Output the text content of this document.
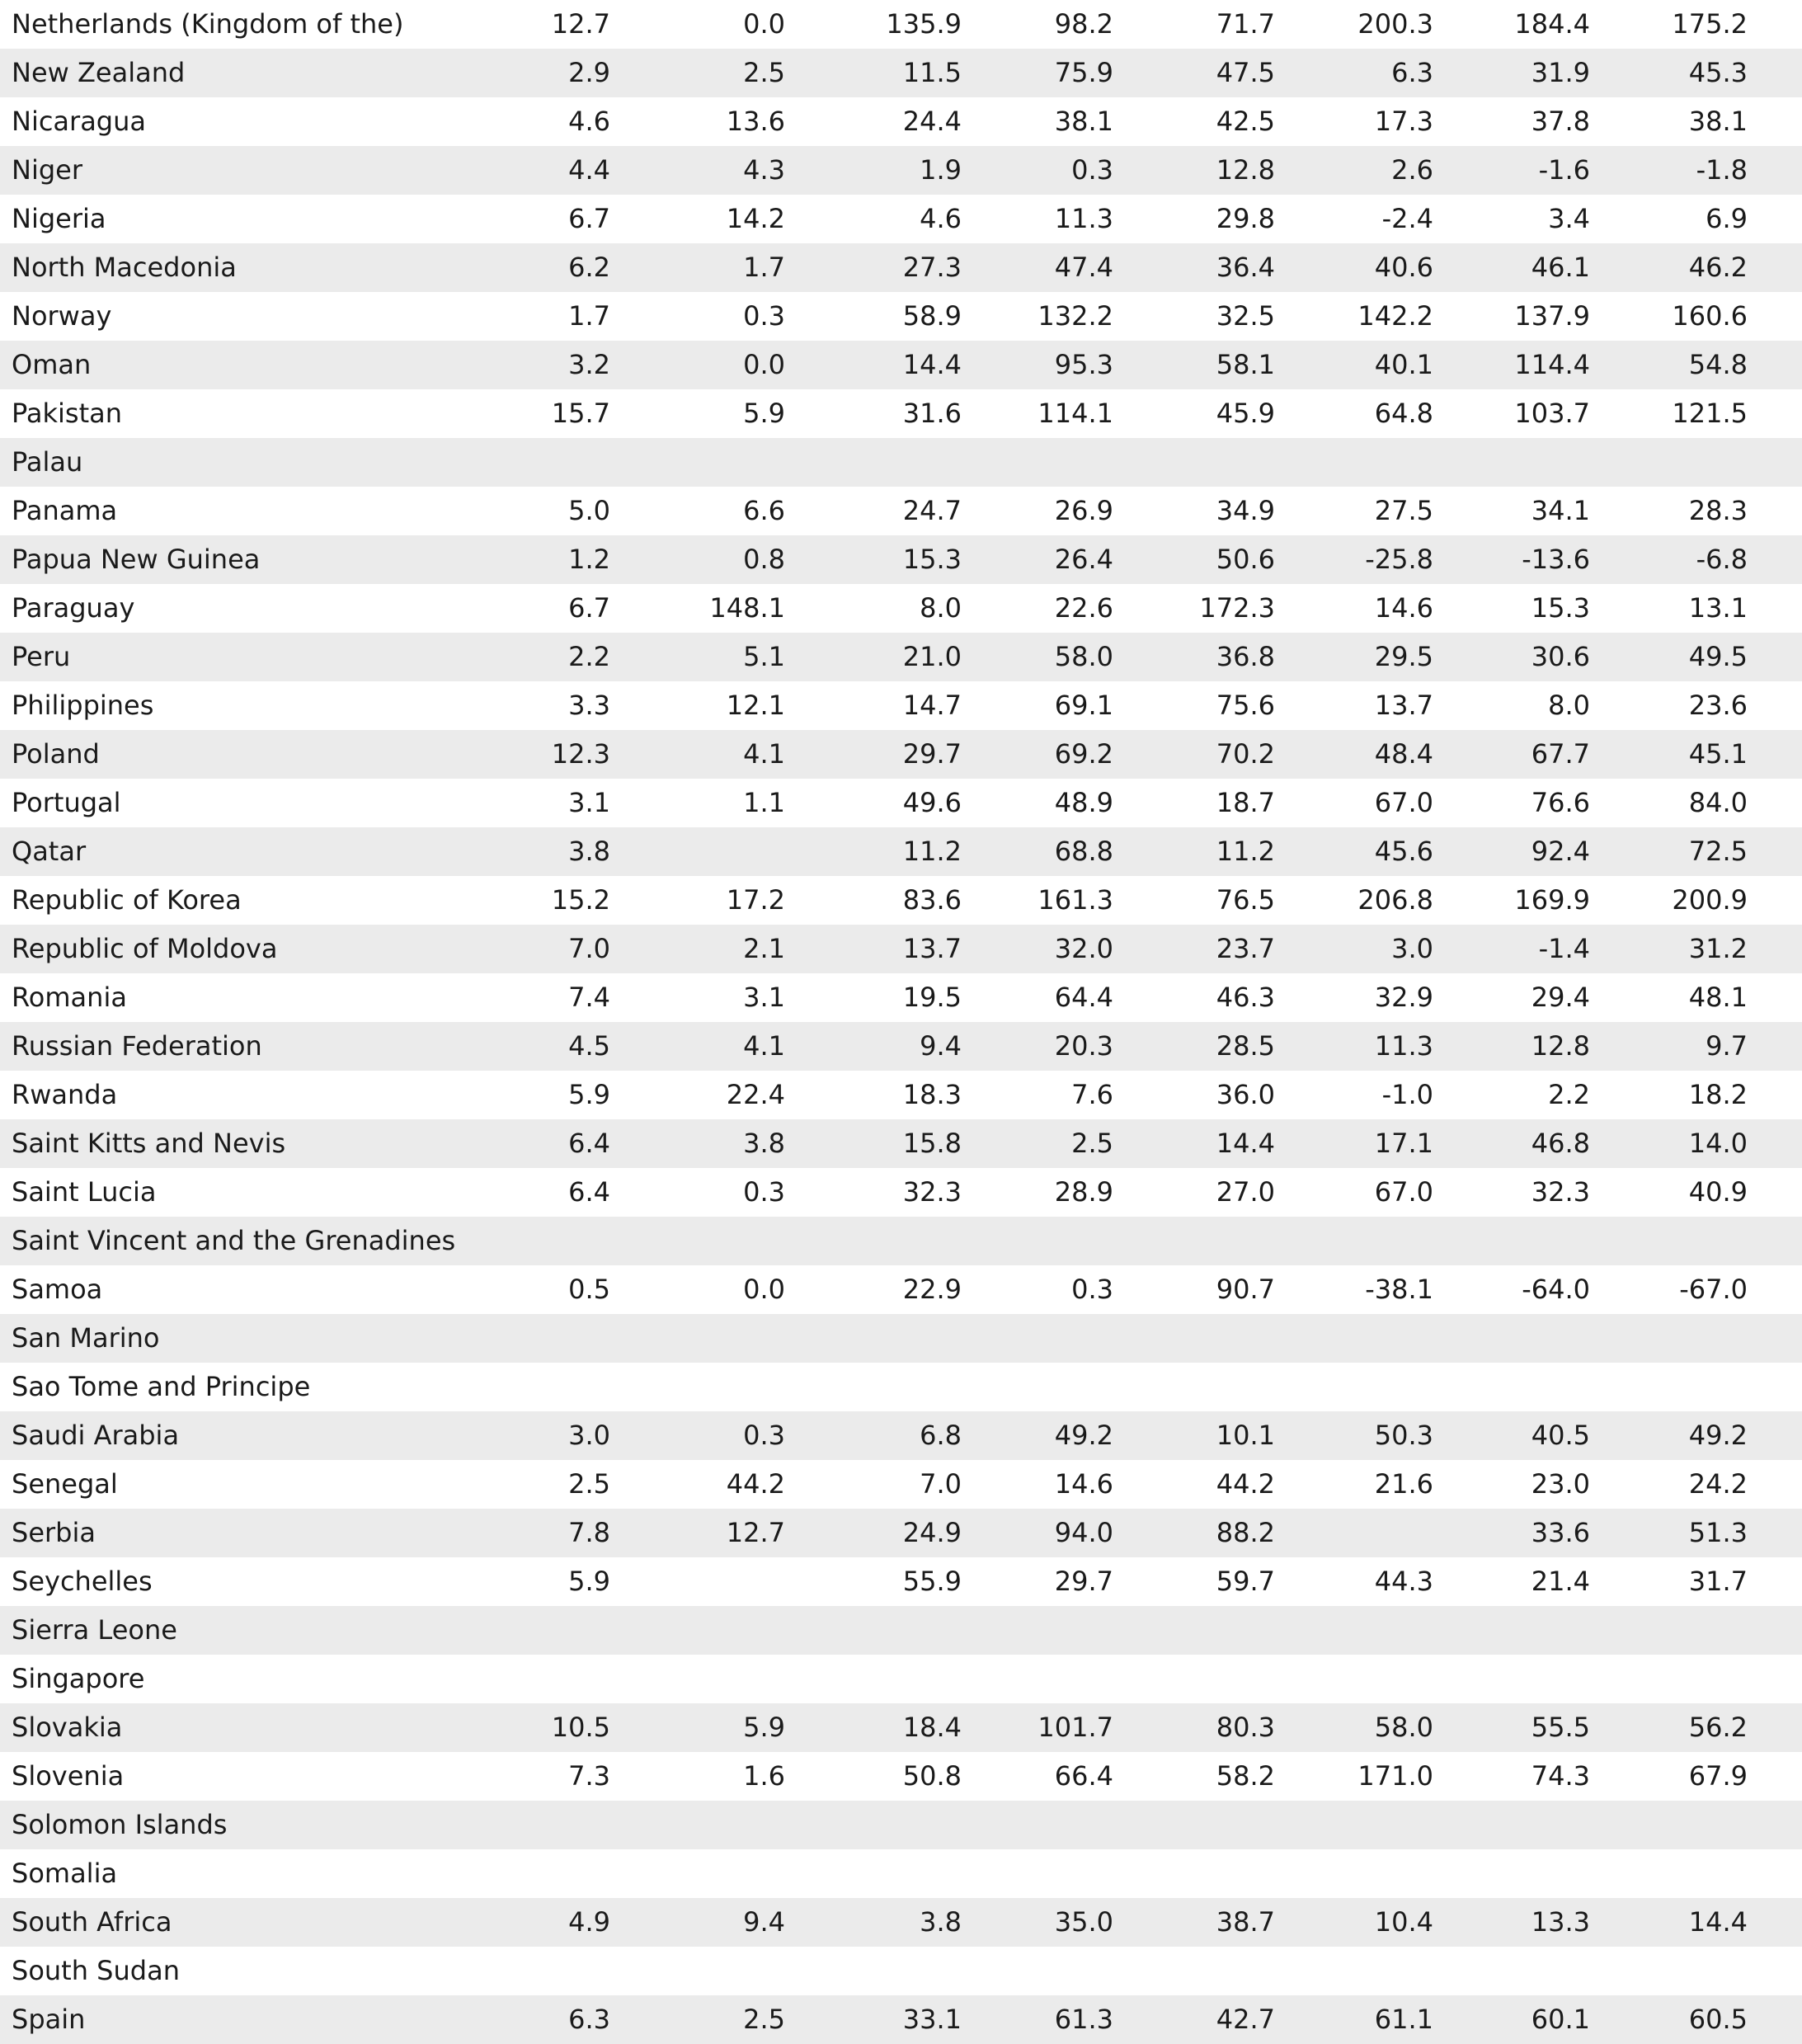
Netherlands (Kingdom of the)	12.7	0.0	135.9	98.2	71.7	200.3	184.4	175.2
New Zealand	2.9	2.5	11.5	75.9	47.5	6.3	31.9	45.3
Nicaragua	4.6	13.6	24.4	38.1	42.5	17.3	37.8	38.1
Niger	4.4	4.3	1.9	0.3	12.8	2.6	-1.6	-1.8
Nigeria	6.7	14.2	4.6	11.3	29.8	-2.4	3.4	6.9
North Macedonia	6.2	1.7	27.3	47.4	36.4	40.6	46.1	46.2
Norway	1.7	0.3	58.9	132.2	32.5	142.2	137.9	160.6
Oman	3.2	0.0	14.4	95.3	58.1	40.1	114.4	54.8
Pakistan	15.7	5.9	31.6	114.1	45.9	64.8	103.7	121.5
Palau								
Panama	5.0	6.6	24.7	26.9	34.9	27.5	34.1	28.3
Papua New Guinea	1.2	0.8	15.3	26.4	50.6	-25.8	-13.6	-6.8
Paraguay	6.7	148.1	8.0	22.6	172.3	14.6	15.3	13.1
Peru	2.2	5.1	21.0	58.0	36.8	29.5	30.6	49.5
Philippines	3.3	12.1	14.7	69.1	75.6	13.7	8.0	23.6
Poland	12.3	4.1	29.7	69.2	70.2	48.4	67.7	45.1
Portugal	3.1	1.1	49.6	48.9	18.7	67.0	76.6	84.0
Qatar	3.8		11.2	68.8	11.2	45.6	92.4	72.5
Republic of Korea	15.2	17.2	83.6	161.3	76.5	206.8	169.9	200.9
Republic of Moldova	7.0	2.1	13.7	32.0	23.7	3.0	-1.4	31.2
Romania	7.4	3.1	19.5	64.4	46.3	32.9	29.4	48.1
Russian Federation	4.5	4.1	9.4	20.3	28.5	11.3	12.8	9.7
Rwanda	5.9	22.4	18.3	7.6	36.0	-1.0	2.2	18.2
Saint Kitts and Nevis	6.4	3.8	15.8	2.5	14.4	17.1	46.8	14.0
Saint Lucia	6.4	0.3	32.3	28.9	27.0	67.0	32.3	40.9
Saint Vincent and the Grenadines								
Samoa	0.5	0.0	22.9	0.3	90.7	-38.1	-64.0	-67.0
San Marino								
Sao Tome and Principe								
Saudi Arabia	3.0	0.3	6.8	49.2	10.1	50.3	40.5	49.2
Senegal	2.5	44.2	7.0	14.6	44.2	21.6	23.0	24.2
Serbia	7.8	12.7	24.9	94.0	88.2		33.6	51.3
Seychelles	5.9		55.9	29.7	59.7	44.3	21.4	31.7
Sierra Leone								
Singapore								
Slovakia	10.5	5.9	18.4	101.7	80.3	58.0	55.5	56.2
Slovenia	7.3	1.6	50.8	66.4	58.2	171.0	74.3	67.9
Solomon Islands								
Somalia								
South Africa	4.9	9.4	3.8	35.0	38.7	10.4	13.3	14.4
South Sudan								
Spain	6.3	2.5	33.1	61.3	42.7	61.1	60.1	60.5
